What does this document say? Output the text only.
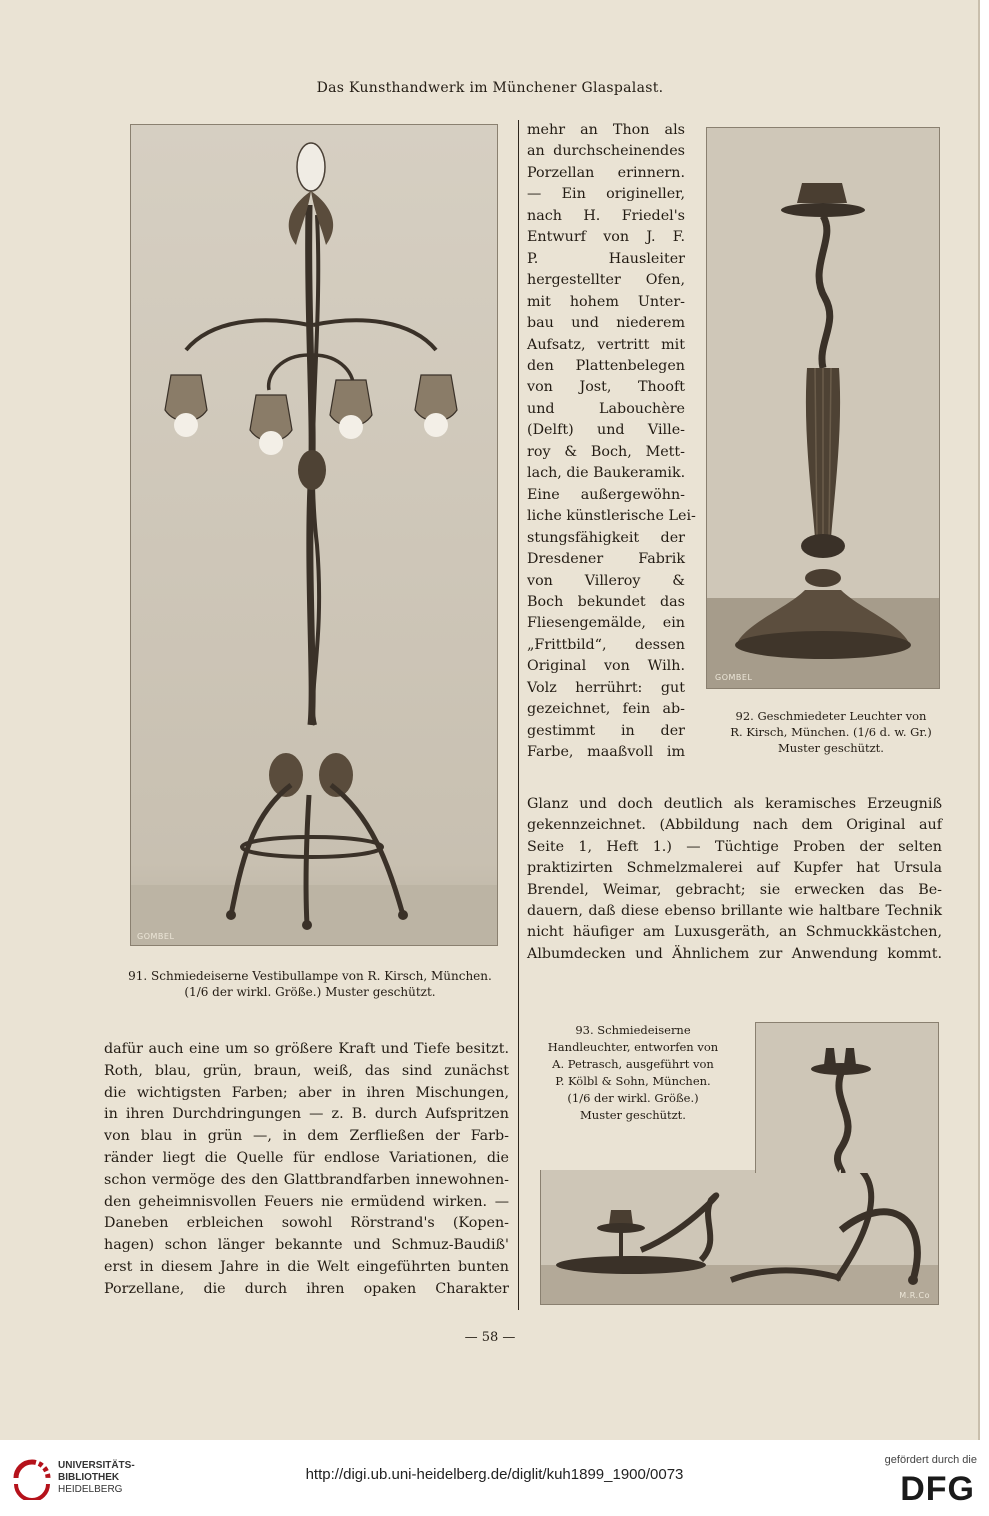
Das Kunsthandwerk im Münchener Glaspalast.
GOMBEL
91. Schmiedeiserne Vestibullampe von R. Kirsch, München.
(1/6 der wirkl. Größe.) Muster geschützt.
mehr an Thon als
an durchscheinendes
Porzellan erinnern.
— Ein origineller,
nach H. Friedel's
Entwurf von J. F.
P. Hausleiter
hergestellter Ofen,
mit hohem Unter-
bau und niederem
Aufsatz, vertritt mit
den Plattenbelegen
von Jost, Thooft
und Labouchère
(Delft) und Ville-
roy & Boch, Mett-
lach, die Baukeramik.
Eine außergewöhn-
liche künstlerische Lei-
stungsfähigkeit der
Dresdener Fabrik
von Villeroy &
Boch bekundet das
Fliesengemälde, ein
„Frittbild“, dessen
Original von Wilh.
Volz herrührt: gut
gezeichnet, fein ab-
gestimmt in der
Farbe, maaßvoll im
GOMBEL
92. Geschmiedeter Leuchter von
R. Kirsch, München. (1/6 d. w. Gr.)
Muster geschützt.
Glanz und doch deutlich als keramisches Erzeugniß
gekennzeichnet. (Abbildung nach dem Original auf
Seite 1, Heft 1.) — Tüchtige Proben der selten
praktizirten Schmelzmalerei auf Kupfer hat Ursula
Brendel, Weimar, gebracht; sie erwecken das Be-
dauern, daß diese ebenso brillante wie haltbare Technik
nicht häufiger am Luxusgeräth, an Schmuckkästchen,
Albumdecken und Ähnlichem zur Anwendung kommt.
dafür auch eine um so größere Kraft und Tiefe besitzt.
Roth, blau, grün, braun, weiß, das sind zunächst
die wichtigsten Farben; aber in ihren Mischungen,
in ihren Durchdringungen — z. B. durch Aufspritzen
von blau in grün —, in dem Zerfließen der Farb-
ränder liegt die Quelle für endlose Variationen, die
schon vermöge des den Glattbrandfarben innewohnen-
den geheimnisvollen Feuers nie ermüdend wirken. —
Daneben erbleichen sowohl Rörstrand's (Kopen-
hagen) schon länger bekannte und Schmuz-Baudiß'
erst in diesem Jahre in die Welt eingeführten bunten
Porzellane, die durch ihren opaken Charakter
93. Schmiedeiserne
Handleuchter, entworfen von
A. Petrasch, ausgeführt von
P. Kölbl & Sohn, München.
(1/6 der wirkl. Größe.)
Muster geschützt.
M.R.Co
— 58 —
UNIVERSITÄTS-
BIBLIOTHEK
HEIDELBERG
http://digi.ub.uni-heidelberg.de/diglit/kuh1899_1900/0073
gefördert durch die
DFG
